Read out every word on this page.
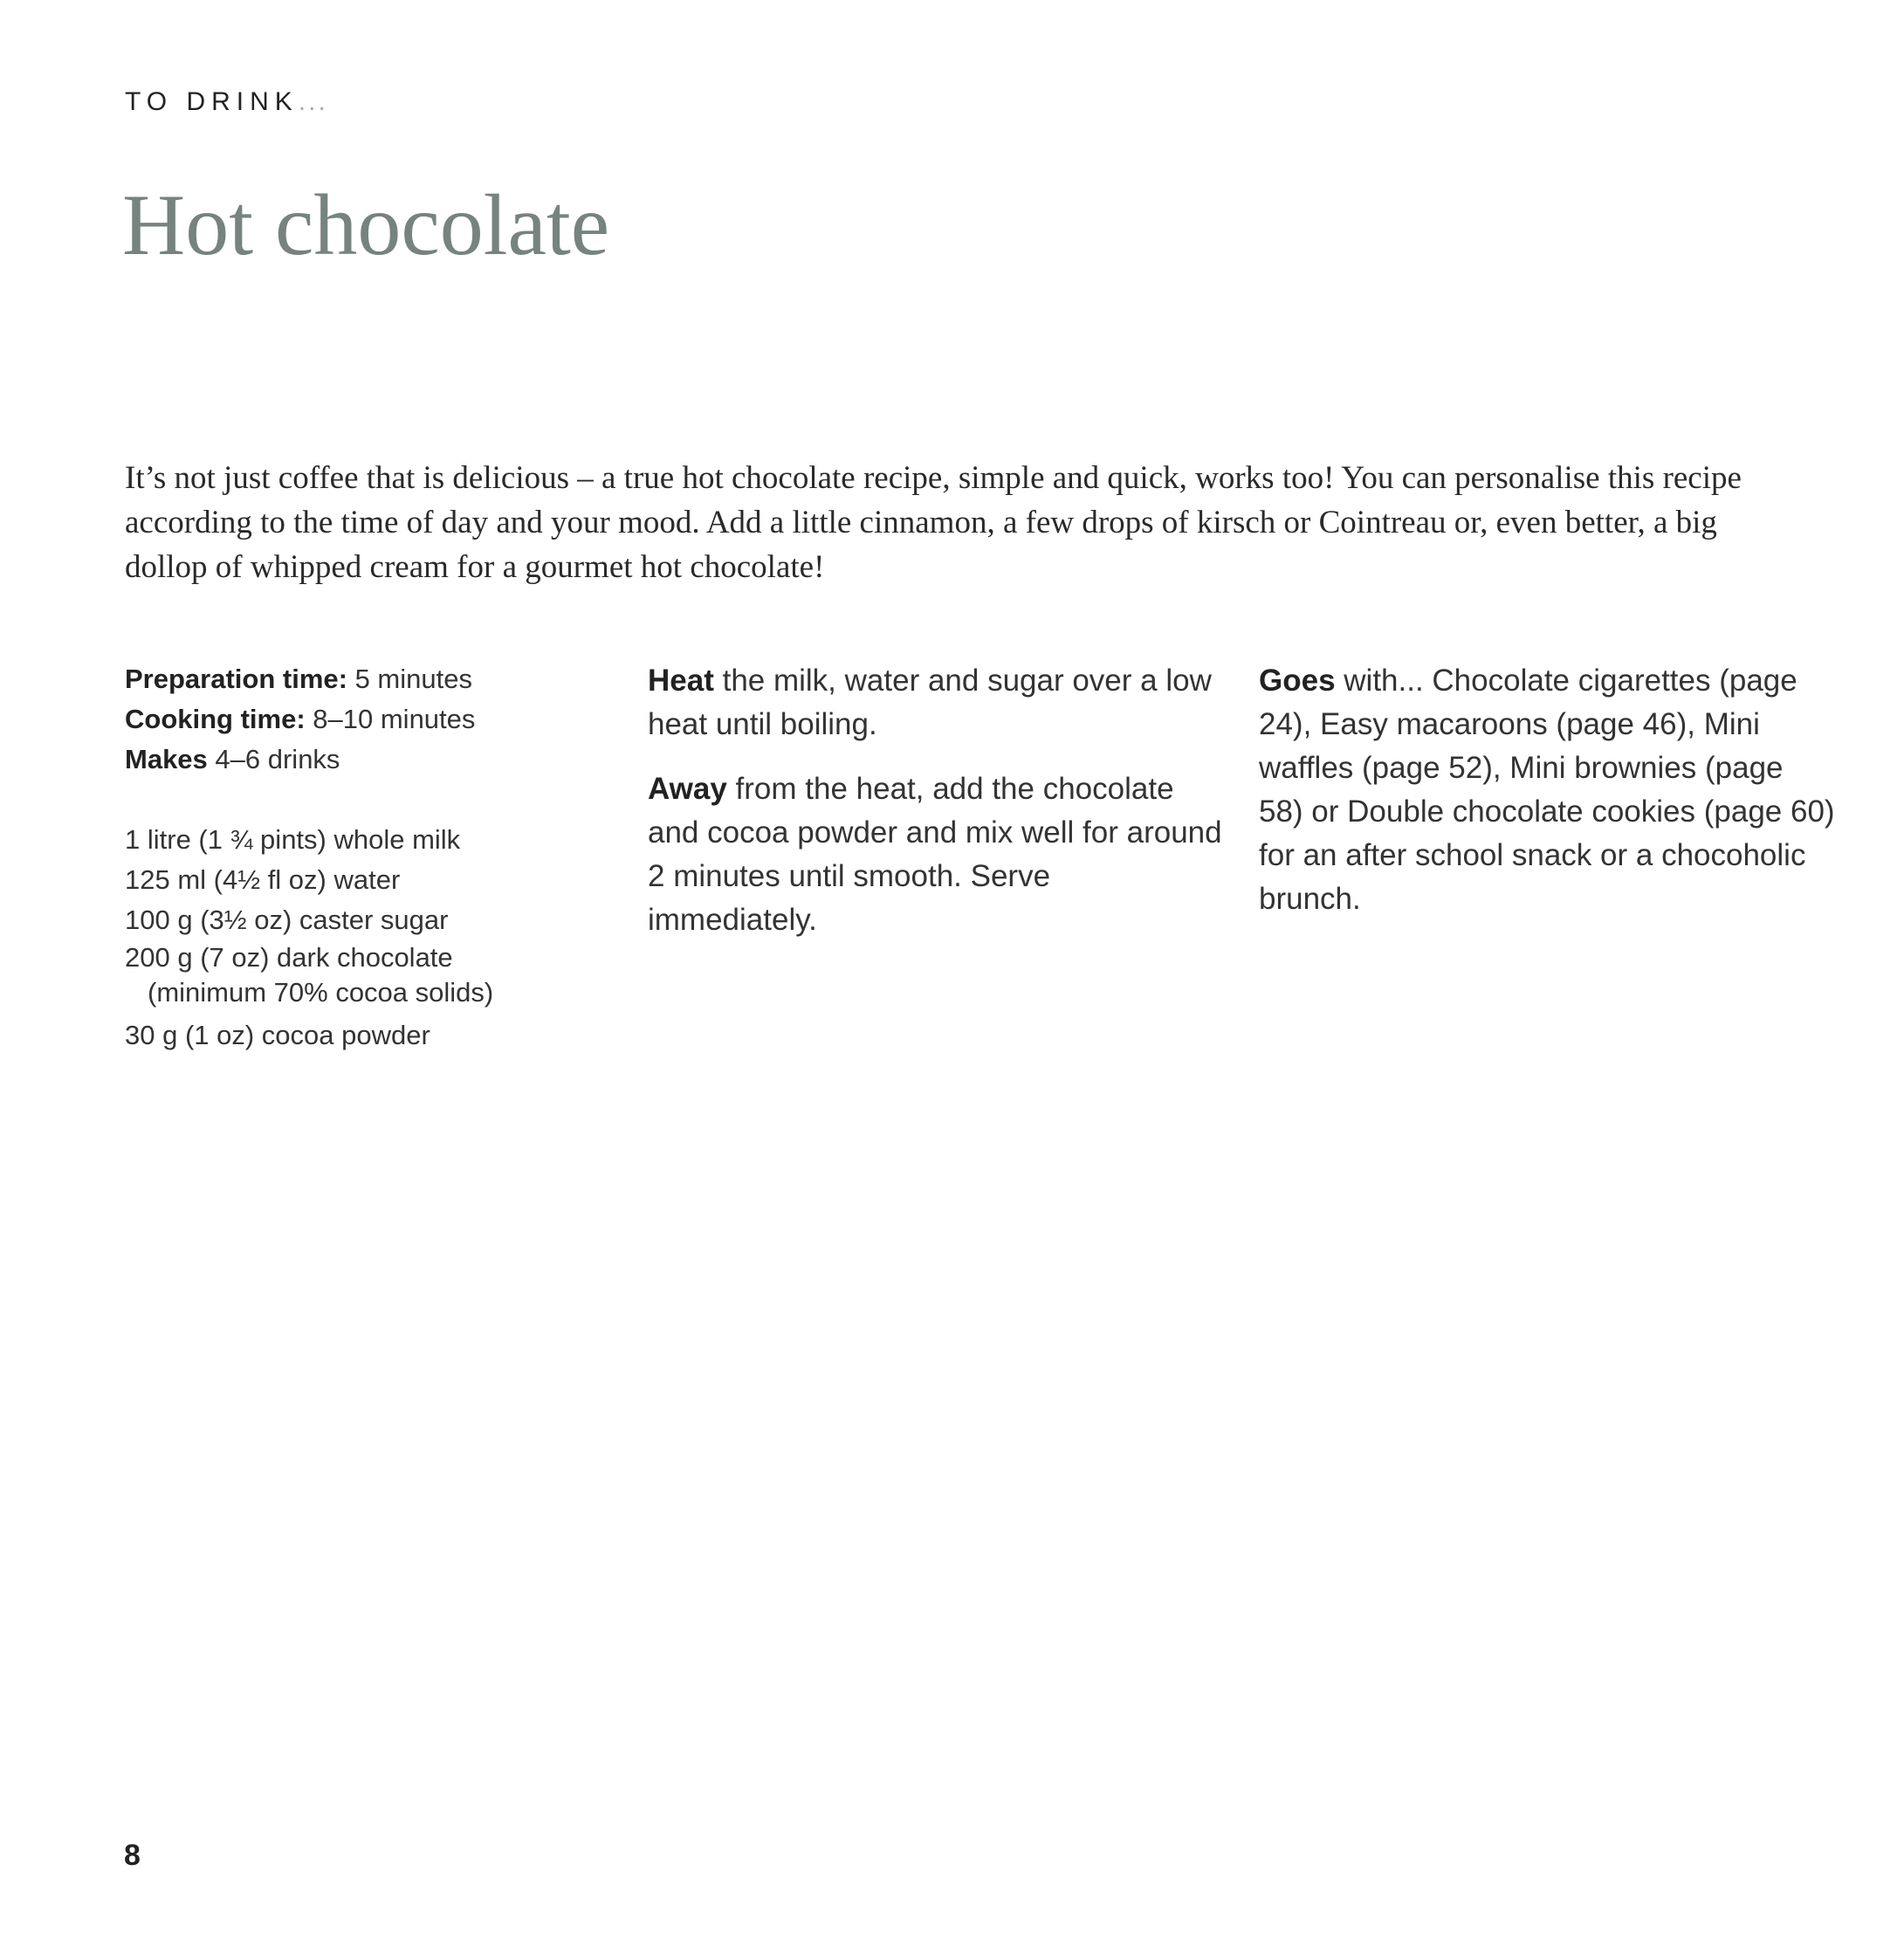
TO DRINK...
Hot chocolate

It’s not just coffee that is delicious – a true hot chocolate recipe, simple and quick, works too! You can personalise this recipe according to the time of day and your mood. Add a little cinnamon, a few drops of kirsch or Cointreau or, even better, a big dollop of whipped cream for a gourmet hot chocolate!

Preparation time: 5 minutes

Cooking time: 8–10 minutes

Makes 4–6 drinks

1 litre (1 ¾ pints) whole milk
125 ml (4½ fl oz) water
100 g (3½ oz) caster sugar
200 g (7 oz) dark chocolate
(minimum 70% cocoa solids)
30 g (1 oz) cocoa powder

Heat the milk, water and sugar over a low heat until boiling.

Away from the heat, add the chocolate and cocoa powder and mix well for around 2 minutes until smooth. Serve immediately.

Goes with... Chocolate cigarettes (page 24), Easy macaroons (page 46), Mini waffles (page 52), Mini brownies (page 58) or Double chocolate cookies (page 60) for an after school snack or a chocoholic brunch.

8
